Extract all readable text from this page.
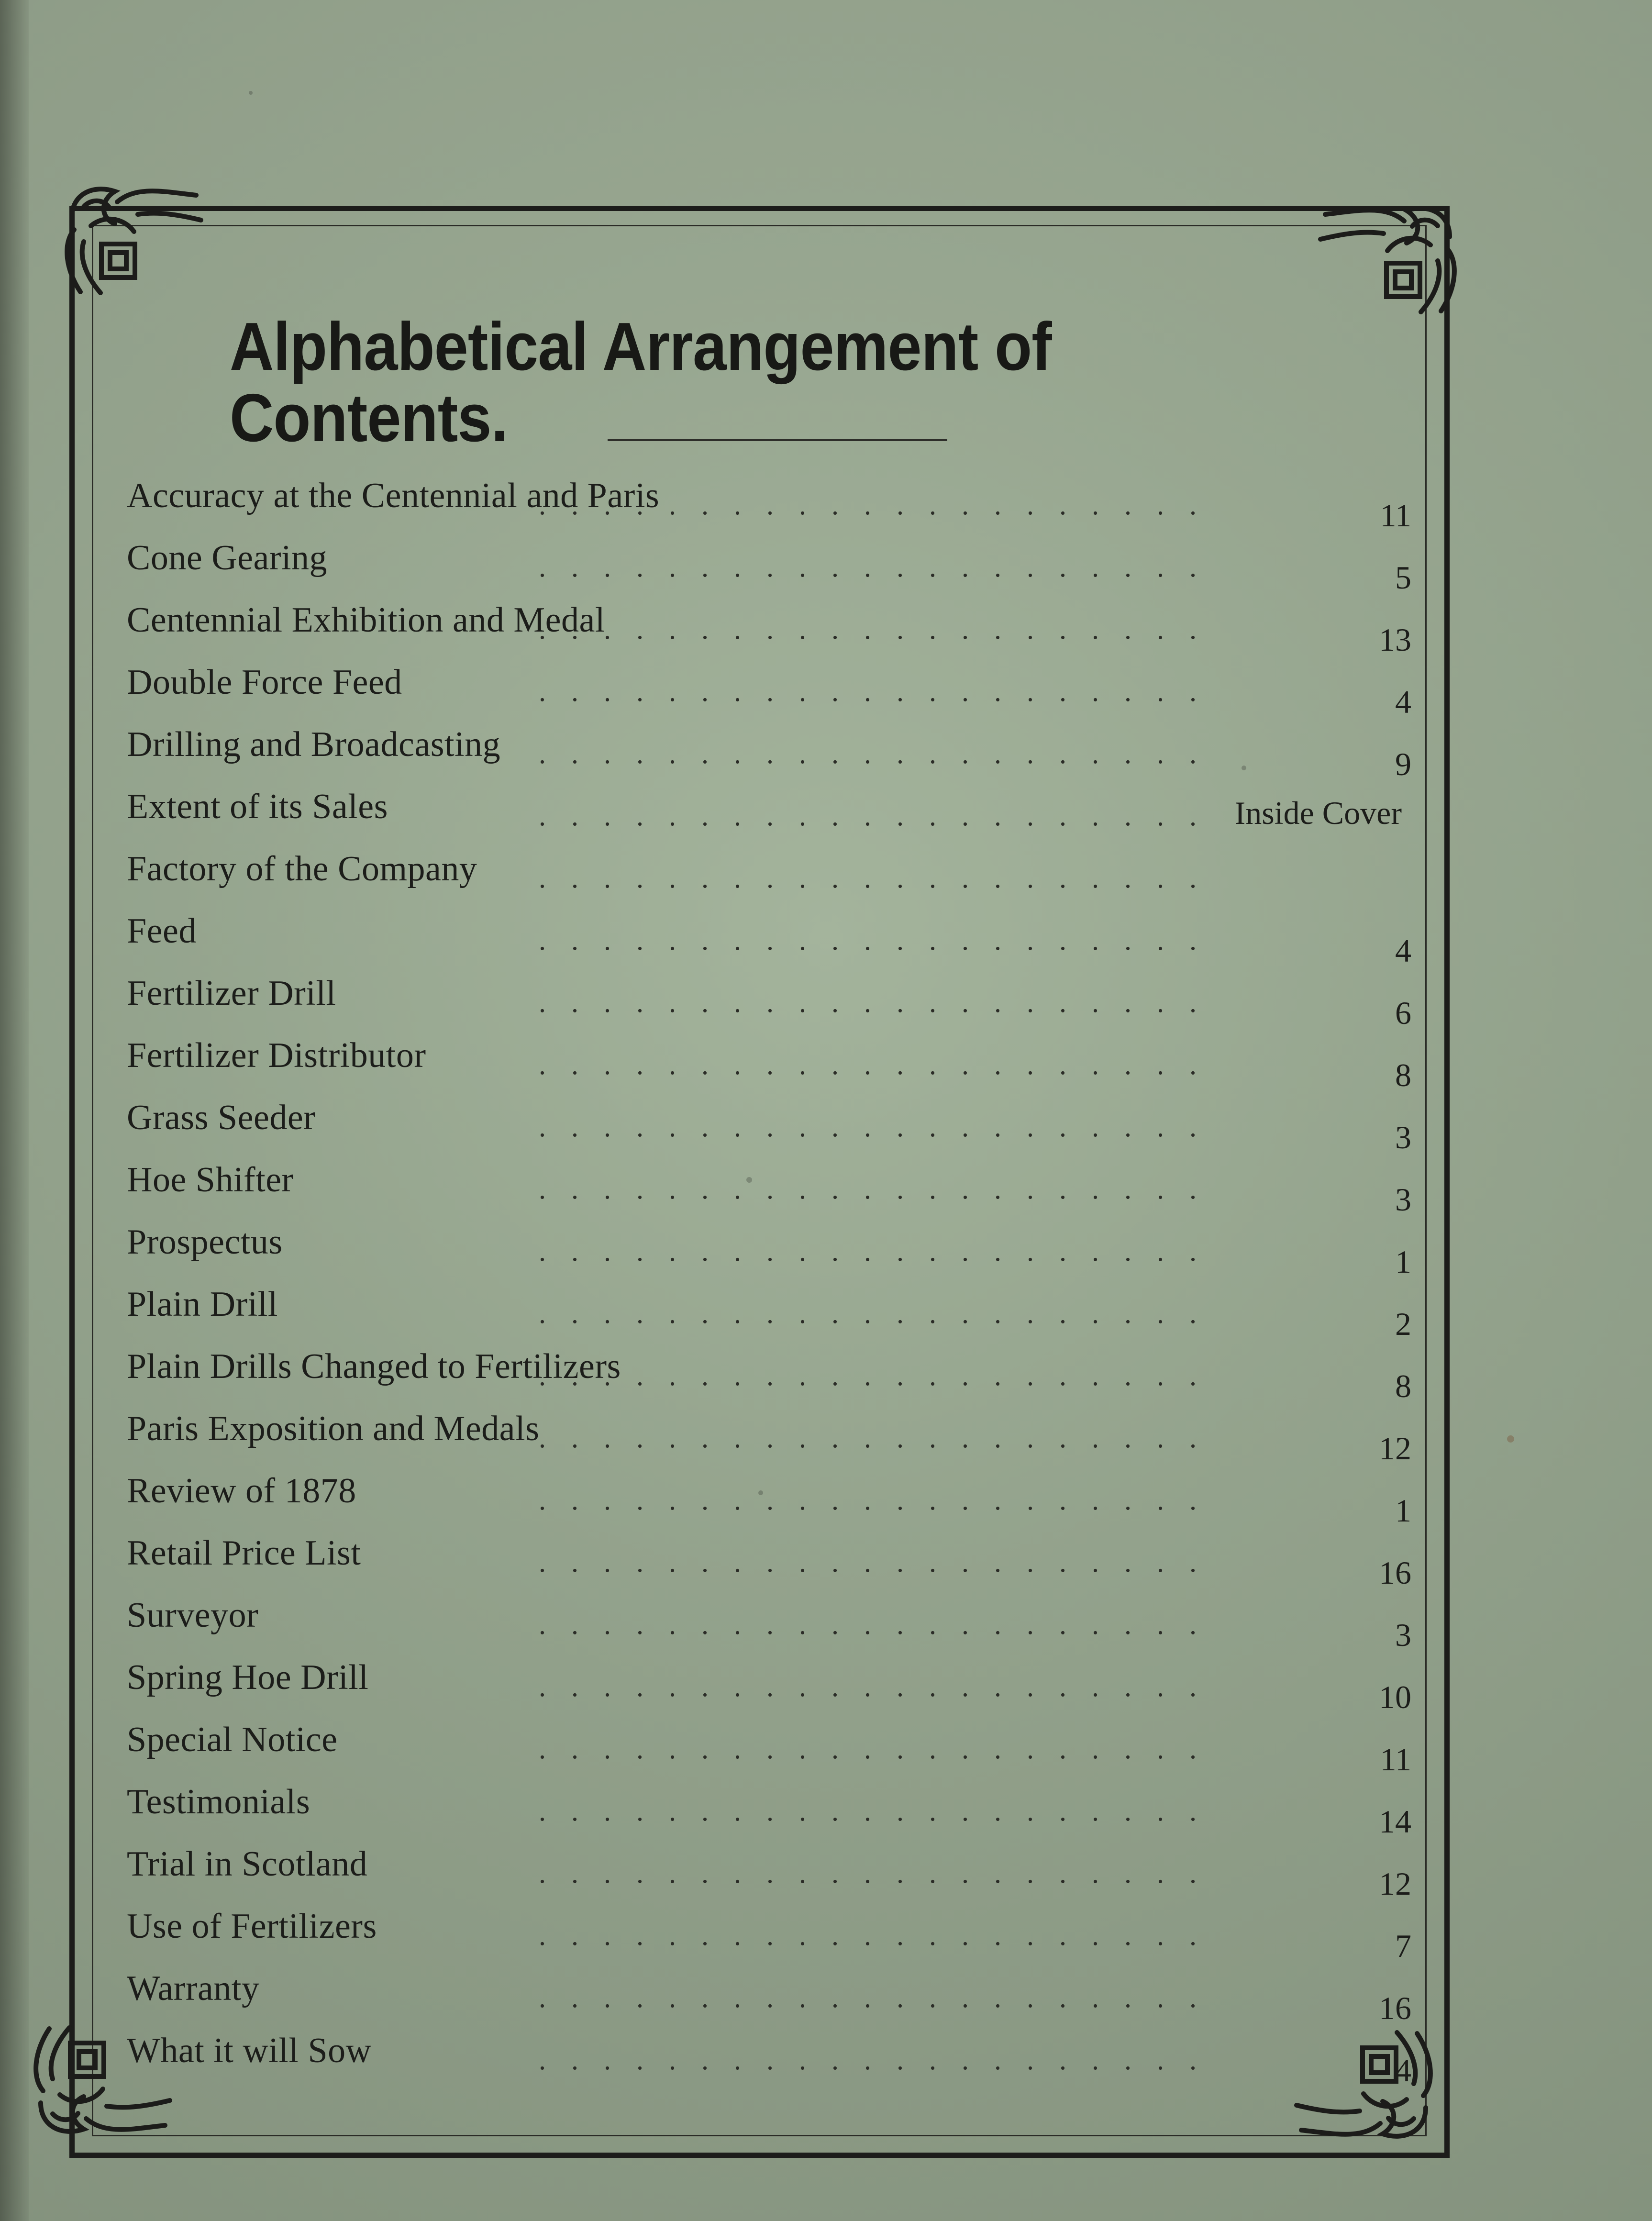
Alphabetical Arrangement of Contents.
Accuracy at the Centennial and Paris
. . . . . . . . . . . . . . . . . . . . .	11
Cone Gearing	. . . . . . . . . . . . . . . . . . . . .	5
Centennial Exhibition and Medal
. . . . . . . . . . . . . . . . . . . . .	13
Double Force Feed	. . . . . . . . . . . . . . . . . . . . .	4
Drilling and Broadcasting . . . . . . . . . . . . . . . . . . . . .	9
Extent of its Sales	. . . . . . . . . . . . . . . . . . . . . Inside Cover
Factory of the Company . . . . . . . . . . . . . . . . . . . . .
Feed	. . . . . . . . . . . . . . . . . . . . .	4
Fertilizer Drill	. . . . . . . . . . . . . . . . . . . . .	6
Fertilizer Distributor	. . . . . . . . . . . . . . . . . . . . .	8
Grass Seeder	. . . . . . . . . . . . . . . . . . . . .	3
Hoe Shifter	. . . . . . . . . . . . . . . . . . . . .	3
Prospectus	. . . . . . . . . . . . . . . . . . . . .	1
Plain Drill	. . . . . . . . . . . . . . . . . . . . .	2
Plain Drills Changed to Fertilizers
. . . . . . . . . . . . . . . . . . . . .	8
Paris Exposition and Medals
. . . . . . . . . . . . . . . . . . . . .	12
Review of 1878	. . . . . . . . . . . . . . . . . . . . .	1
Retail Price List	. . . . . . . . . . . . . . . . . . . . .	16
Surveyor	. . . . . . . . . . . . . . . . . . . . .	3
Spring Hoe Drill	. . . . . . . . . . . . . . . . . . . . .	10
Special Notice	. . . . . . . . . . . . . . . . . . . . .	11
Testimonials	. . . . . . . . . . . . . . . . . . . . .	14
Trial in Scotland	. . . . . . . . . . . . . . . . . . . . .	12
Use of Fertilizers	. . . . . . . . . . . . . . . . . . . . .	7
Warranty	. . . . . . . . . . . . . . . . . . . . .	16
What it will Sow	. . . . . . . . . . . . . . . . . . . . .	4
